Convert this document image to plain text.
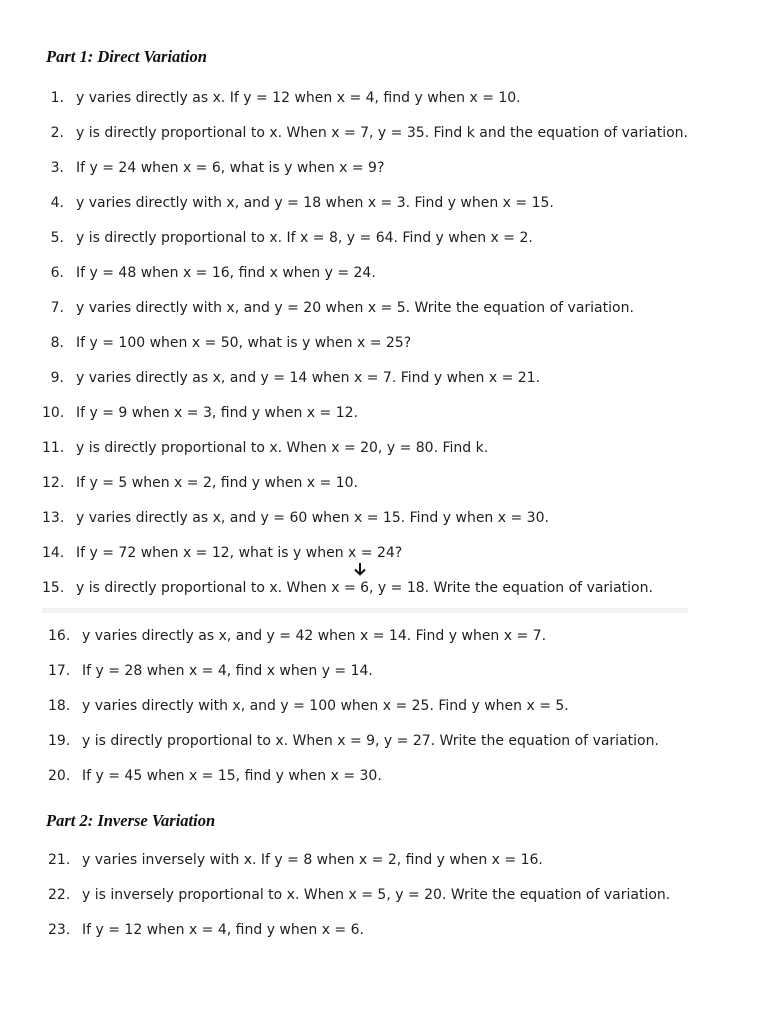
Part 1: Direct Variation
1. y varies directly as x. If y = 12 when x = 4, find y when x = 10.
2. y is directly proportional to x. When x = 7, y = 35. Find k and the equation of variation.
3. If y = 24 when x = 6, what is y when x = 9?
4. y varies directly with x, and y = 18 when x = 3. Find y when x = 15.
5. y is directly proportional to x. If x = 8, y = 64. Find y when x = 2.
6. If y = 48 when x = 16, find x when y = 24.
7. y varies directly with x, and y = 20 when x = 5. Write the equation of variation.
8. If y = 100 when x = 50, what is y when x = 25?
9. y varies directly as x, and y = 14 when x = 7. Find y when x = 21.
10. If y = 9 when x = 3, find y when x = 12.
11. y is directly proportional to x. When x = 20, y = 80. Find k.
12. If y = 5 when x = 2, find y when x = 10.
13. y varies directly as x, and y = 60 when x = 15. Find y when x = 30.
14. If y = 72 when x = 12, what is y when x = 24?
15. y is directly proportional to x. When x = 6, y = 18. Write the equation of variation.
16. y varies directly as x, and y = 42 when x = 14. Find y when x = 7.
17. If y = 28 when x = 4, find x when y = 14.
18. y varies directly with x, and y = 100 when x = 25. Find y when x = 5.
19. y is directly proportional to x. When x = 9, y = 27. Write the equation of variation.
20. If y = 45 when x = 15, find y when x = 30.
Part 2: Inverse Variation
21. y varies inversely with x. If y = 8 when x = 2, find y when x = 16.
22. y is inversely proportional to x. When x = 5, y = 20. Write the equation of variation.
23. If y = 12 when x = 4, find y when x = 6.
